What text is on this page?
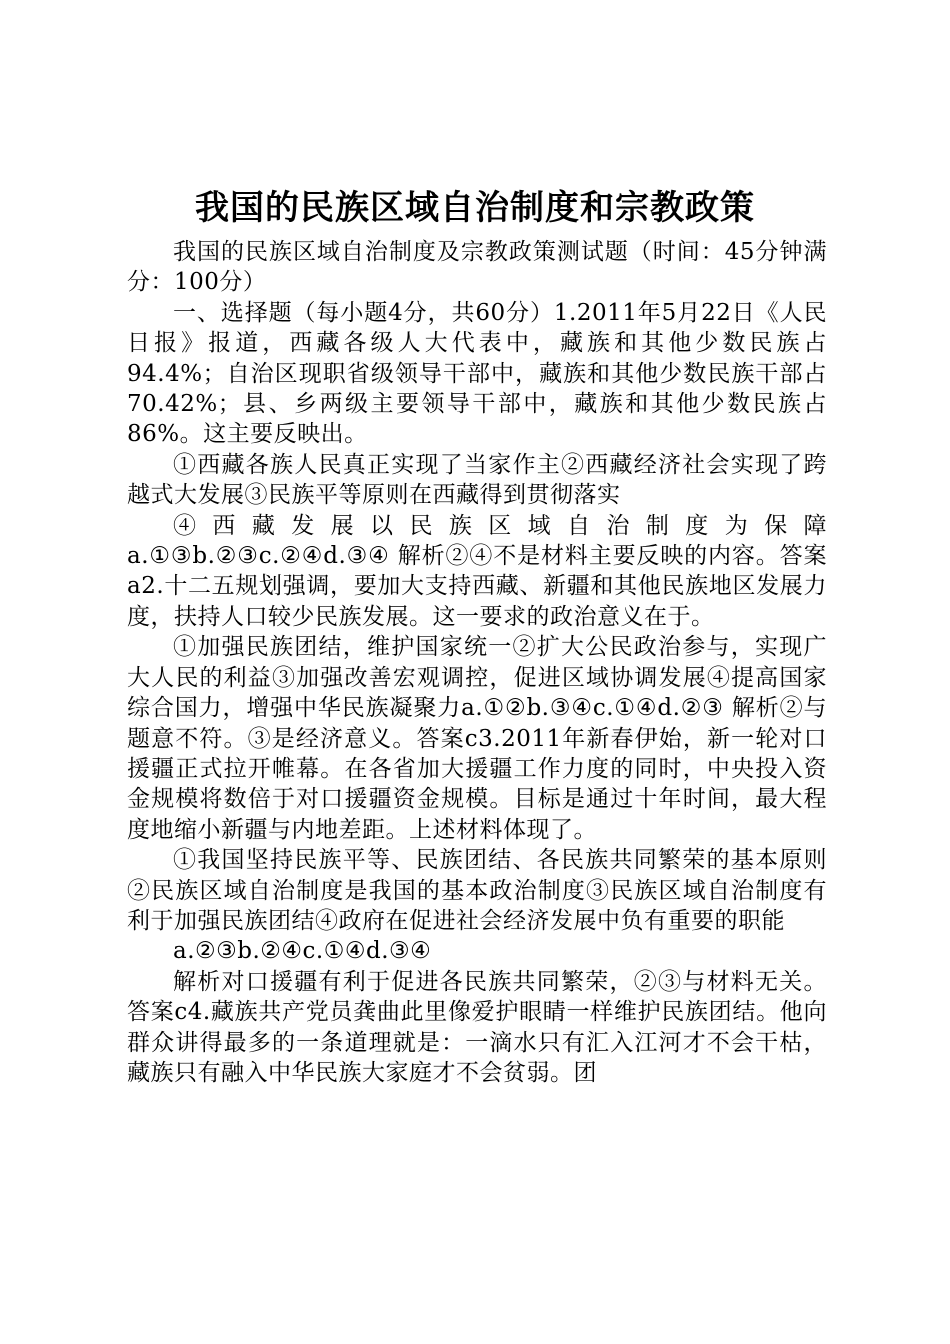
我国的民族区域自治制度和宗教政策

我国的民族区域自治制度及宗教政策测试题（时间：45分钟满分：100分）

一、选择题（每小题4分，共60分）1.2011年5月22日《人民日报》报道，西藏各级人大代表中，藏族和其他少数民族占94.4%；自治区现职省级领导干部中，藏族和其他少数民族干部占70.42%；县、乡两级主要领导干部中，藏族和其他少数民族占86%。这主要反映出。

①西藏各族人民真正实现了当家作主②西藏经济社会实现了跨越式大发展③民族平等原则在西藏得到贯彻落实

④西藏发展以民族区域自治制度为保障a.①③b.②③c.②④d.③④ 解析②④不是材料主要反映的内容。答案a2.十二五规划强调，要加大支持西藏、新疆和其他民族地区发展力度，扶持人口较少民族发展。这一要求的政治意义在于。

①加强民族团结，维护国家统一②扩大公民政治参与，实现广大人民的利益③加强改善宏观调控，促进区域协调发展④提高国家综合国力，增强中华民族凝聚力a.①②b.③④c.①④d.②③ 解析②与题意不符。③是经济意义。答案c3.2011年新春伊始，新一轮对口援疆正式拉开帷幕。在各省加大援疆工作力度的同时，中央投入资金规模将数倍于对口援疆资金规模。目标是通过十年时间，最大程度地缩小新疆与内地差距。上述材料体现了。

①我国坚持民族平等、民族团结、各民族共同繁荣的基本原则②民族区域自治制度是我国的基本政治制度③民族区域自治制度有利于加强民族团结④政府在促进社会经济发展中负有重要的职能

a.②③b.②④c.①④d.③④

解析对口援疆有利于促进各民族共同繁荣，②③与材料无关。答案c4.藏族共产党员龚曲此里像爱护眼睛一样维护民族团结。他向群众讲得最多的一条道理就是：一滴水只有汇入江河才不会干枯，藏族只有融入中华民族大家庭才不会贫弱。团
